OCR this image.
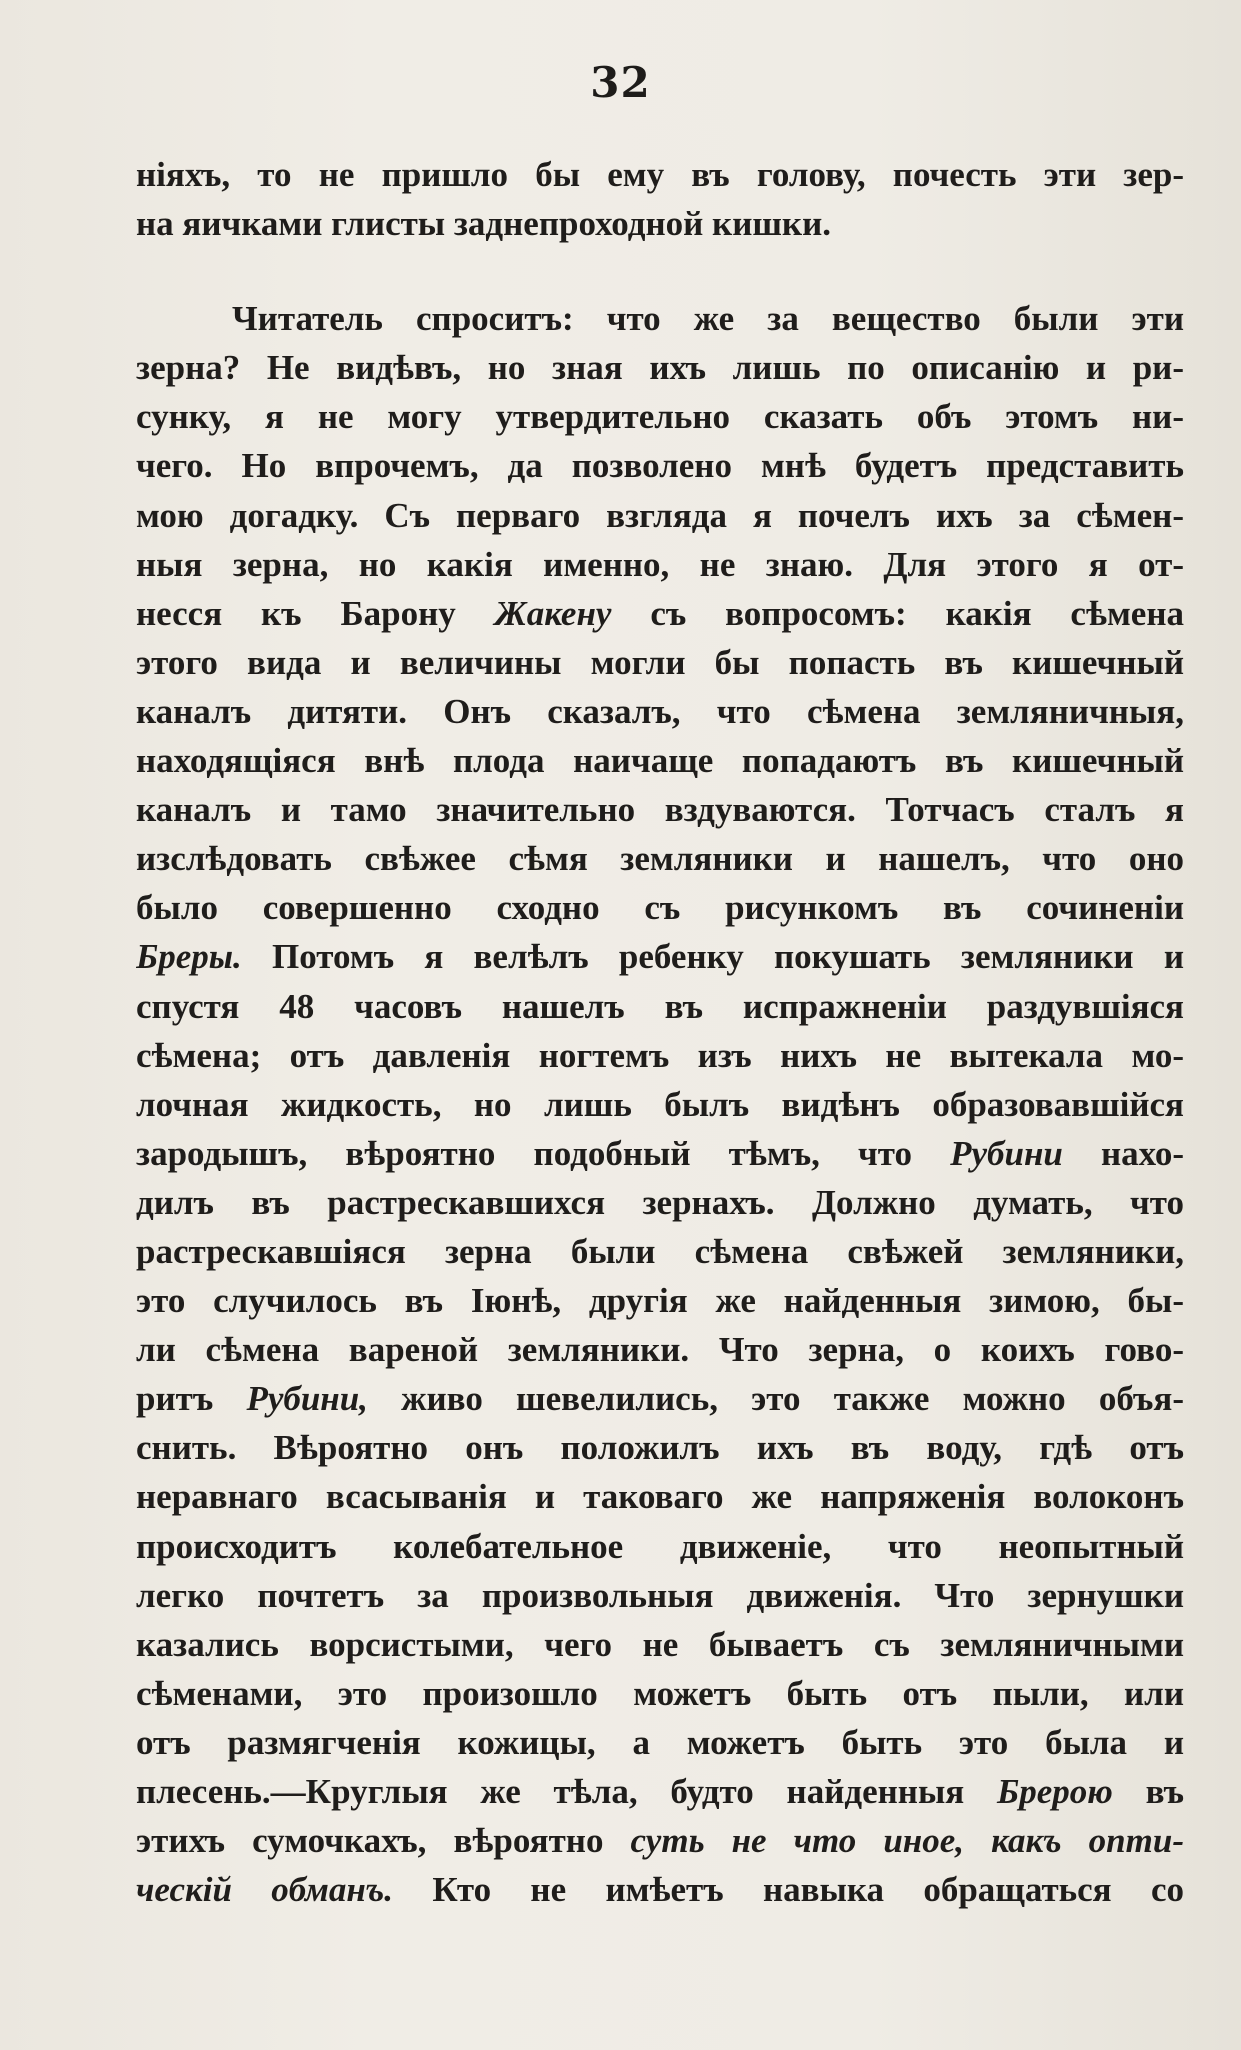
32
ніяхъ, то не пришло бы ему въ голову, почесть эти зер-
на яичками глисты заднепроходной кишки.
Читатель спроситъ: что же за вещество были эти
зерна? Не видѣвъ, но зная ихъ лишь по описанію и ри-
сунку, я не могу утвердительно сказать объ этомъ ни-
чего. Но впрочемъ, да позволено мнѣ будетъ представить
мою догадку. Съ перваго взгляда я почелъ ихъ за сѣмен-
ныя зерна, но какія именно, не знаю. Для этого я от-
несся къ Барону Жакену съ вопросомъ: какія сѣмена
этого вида и величины могли бы попасть въ кишечный
каналъ дитяти. Онъ сказалъ, что сѣмена земляничныя,
находящіяся внѣ плода наичаще попадаютъ въ кишечный
каналъ и тамо значительно вздуваются. Тотчасъ сталъ я
изслѣдовать свѣжее сѣмя земляники и нашелъ, что оно
было совершенно сходно съ рисункомъ въ сочиненіи
Бреры. Потомъ я велѣлъ ребенку покушать земляники и
спустя 48 часовъ нашелъ въ испражненіи раздувшіяся
сѣмена; отъ давленія ногтемъ изъ нихъ не вытекала мо-
лочная жидкость, но лишь былъ видѣнъ образовавшійся
зародышъ, вѣроятно подобный тѣмъ, что Рубини нахо-
дилъ въ растрескавшихся зернахъ. Должно думать, что
растрескавшіяся зерна были сѣмена свѣжей земляники,
это случилось въ Іюнѣ, другія же найденныя зимою, бы-
ли сѣмена вареной земляники. Что зерна, о коихъ гово-
ритъ Рубини, живо шевелились, это также можно объя-
снить. Вѣроятно онъ положилъ ихъ въ воду, гдѣ отъ
неравнаго всасыванія и таковаго же напряженія волоконъ
происходитъ колебательное движеніе, что неопытный
легко почтетъ за произвольныя движенія. Что зернушки
казались ворсистыми, чего не бываетъ съ земляничными
сѣменами, это произошло можетъ быть отъ пыли, или
отъ размягченія кожицы, а можетъ быть это была и
плесень.—Круглыя же тѣла, будто найденныя Брерою въ
этихъ сумочкахъ, вѣроятно суть не что иное, какъ опти-
ческій обманъ. Кто не имѣетъ навыка обращаться со
